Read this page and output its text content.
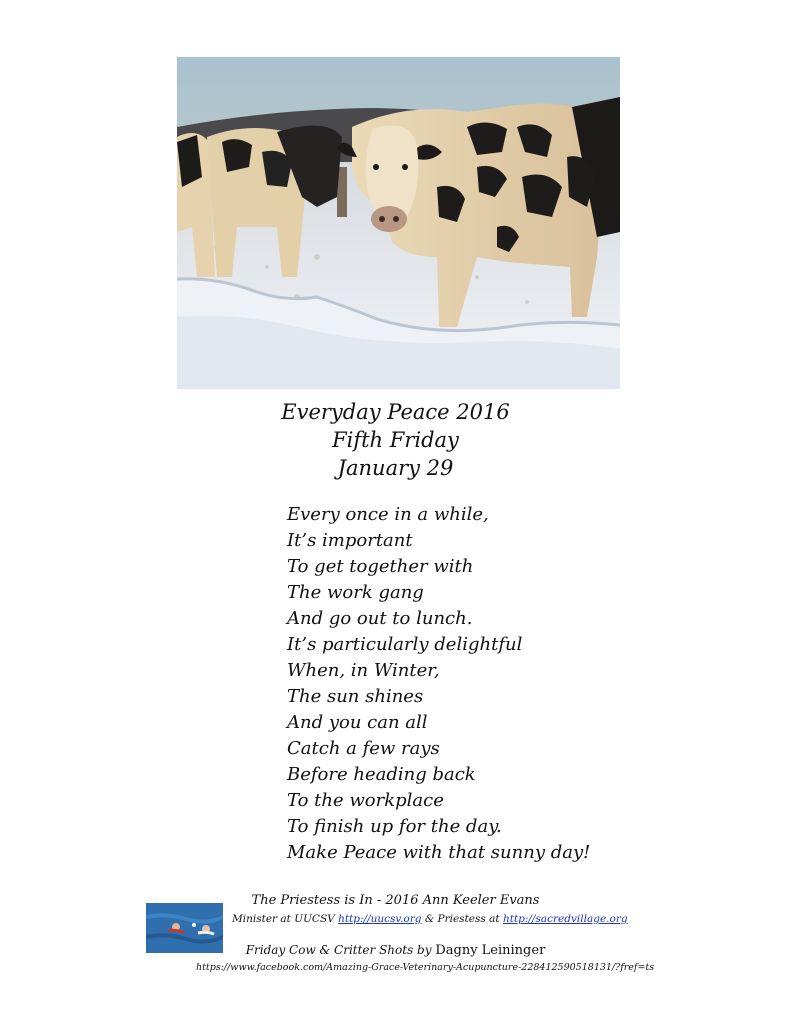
Everyday Peace 2016
Fifth Friday
January 29
Every once in a while,
It’s important
To get together with
The work gang
And go out to lunch.
It’s particularly delightful
When, in Winter,
The sun shines
And you can all
Catch a few rays
Before heading back
To the workplace
To finish up for the day.
Make Peace with that sunny day!
The Priestess is In - 2016 Ann Keeler Evans
Minister at UUCSV http://uucsv.org & Priestess at http://sacredvillage.org
Friday Cow & Critter Shots by Dagny Leininger
https://www.facebook.com/Amazing-Grace-Veterinary-Acupuncture-228412590518131/?fref=ts
